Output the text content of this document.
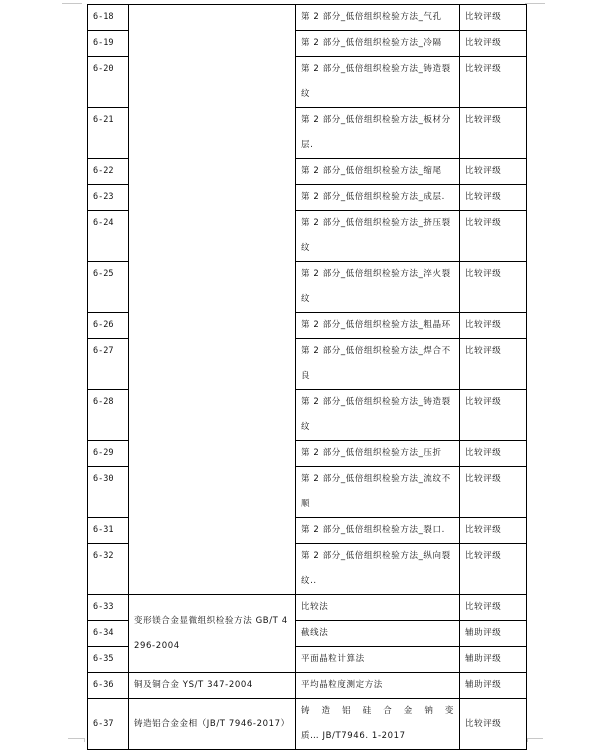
6-18		第 2 部分_低倍组织检验方法_气孔	比较评级
6-19		第 2 部分_低倍组织检验方法_冷隔	比较评级
6-20		第 2 部分_低倍组织检验方法_铸造裂纹	比较评级
6-21		第 2 部分_低倍组织检验方法_板材分层.	比较评级
6-22		第 2 部分_低倍组织检验方法_缩尾	比较评级
6-23		第 2 部分_低倍组织检验方法_成层.	比较评级
6-24		第 2 部分_低倍组织检验方法_挤压裂纹	比较评级
6-25		第 2 部分_低倍组织检验方法_淬火裂纹	比较评级
6-26		第 2 部分_低倍组织检验方法_粗晶环	比较评级
6-27		第 2 部分_低倍组织检验方法_焊合不良	比较评级
6-28		第 2 部分_低倍组织检验方法_铸造裂纹	比较评级
6-29		第 2 部分_低倍组织检验方法_压折	比较评级
6-30		第 2 部分_低倍组织检验方法_流纹不顺	比较评级
6-31		第 2 部分_低倍组织检验方法_裂口.	比较评级
6-32		第 2 部分_低倍组织检验方法_纵向裂纹..	比较评级
6-33	变形镁合金显微组织检验方法 GB/T 4296-2004	比较法	比较评级
6-34		截线法	辅助评级
6-35		平面晶粒计算法	辅助评级
6-36	铜及铜合金 YS/T 347-2004	平均晶粒度测定方法	辅助评级
6-37	铸造铝合金金相（JB/T 7946-2017）	铸 造 铝 硅 合 金 钠 变
质… JB/T7946. 1-2017	比较评级
